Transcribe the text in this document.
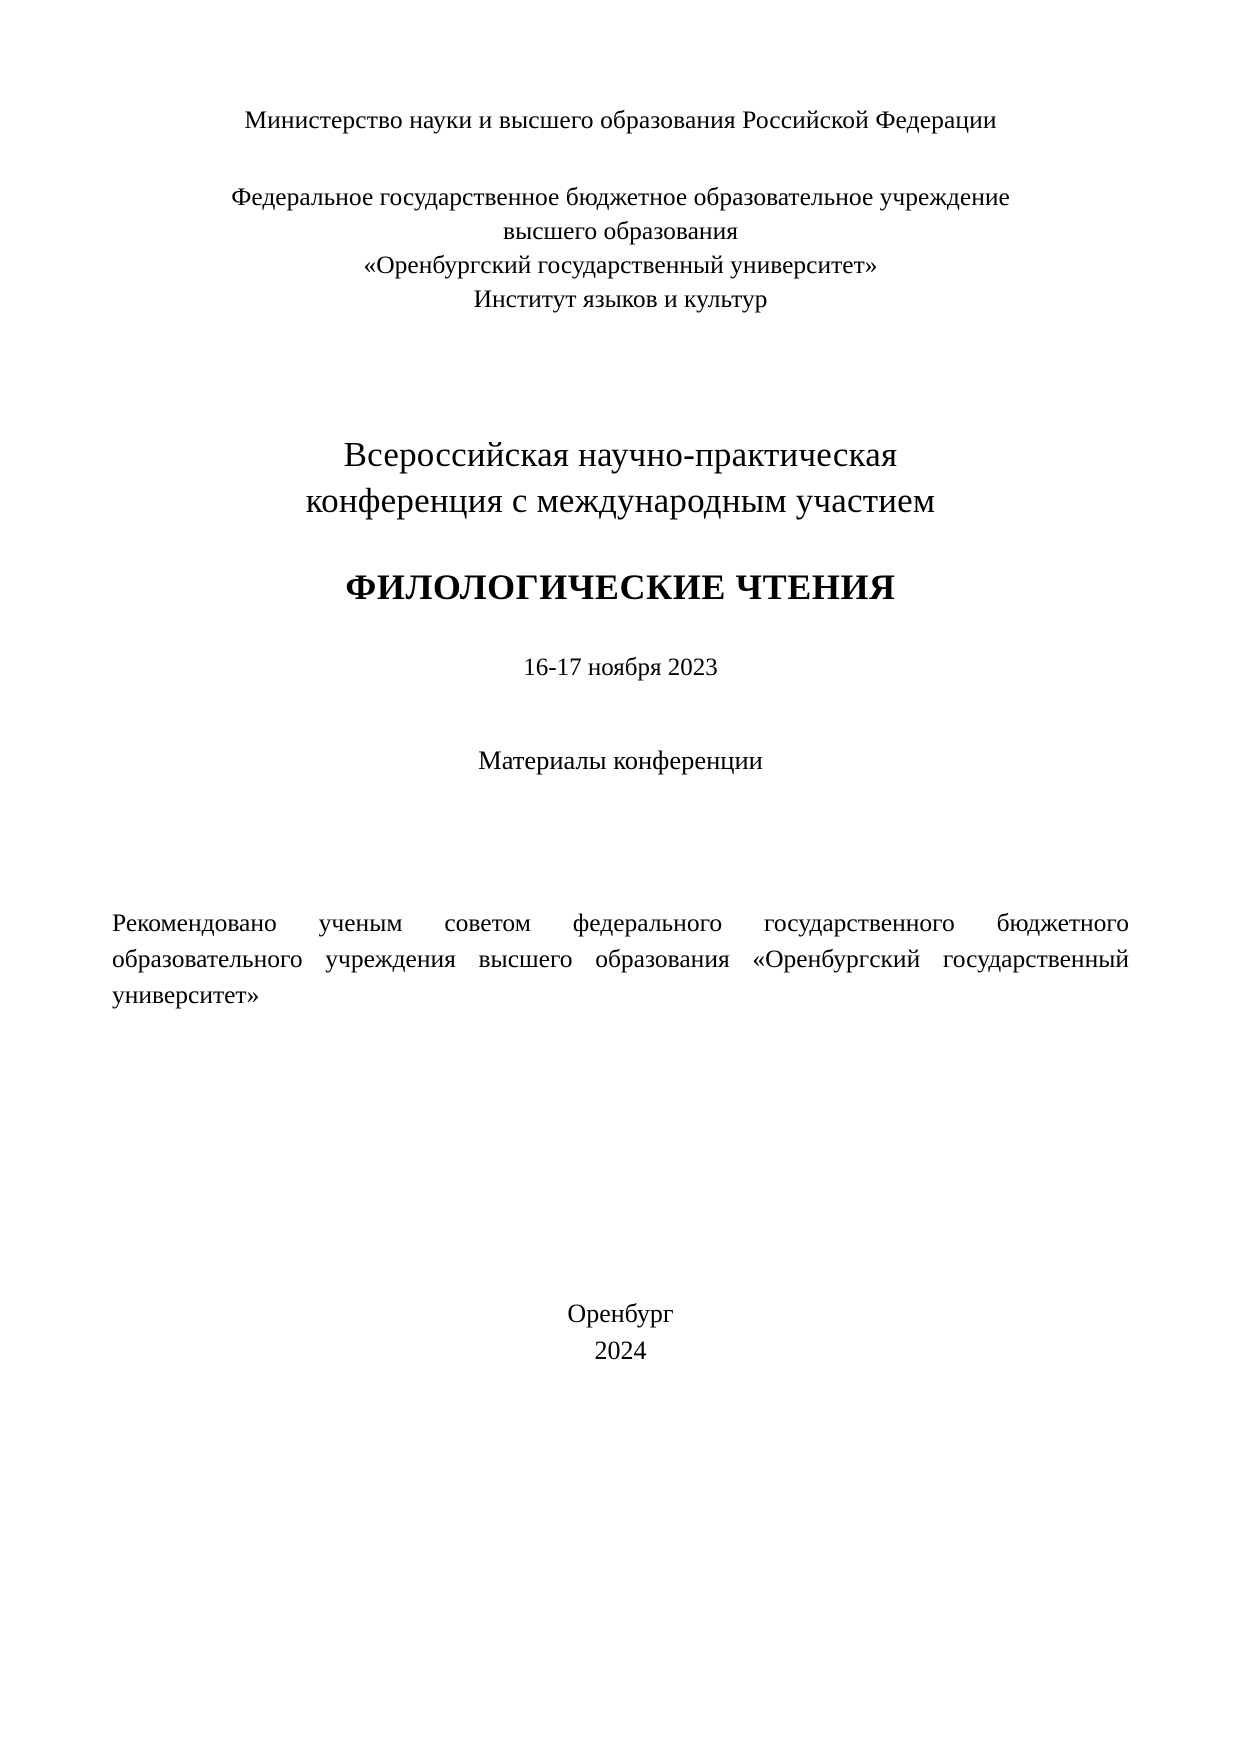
Министерство науки и высшего образования Российской Федерации
Федеральное государственное бюджетное образовательное учреждение
высшего образования
«Оренбургский государственный университет»
Институт языков и культур
Всероссийская научно-практическая
конференция с международным участием
ФИЛОЛОГИЧЕСКИЕ ЧТЕНИЯ
16-17 ноября 2023
Материалы конференции
Рекомендовано ученым советом федерального государственного бюджетного образовательного учреждения высшего образования «Оренбургский государственный университет»
Оренбург
2024
